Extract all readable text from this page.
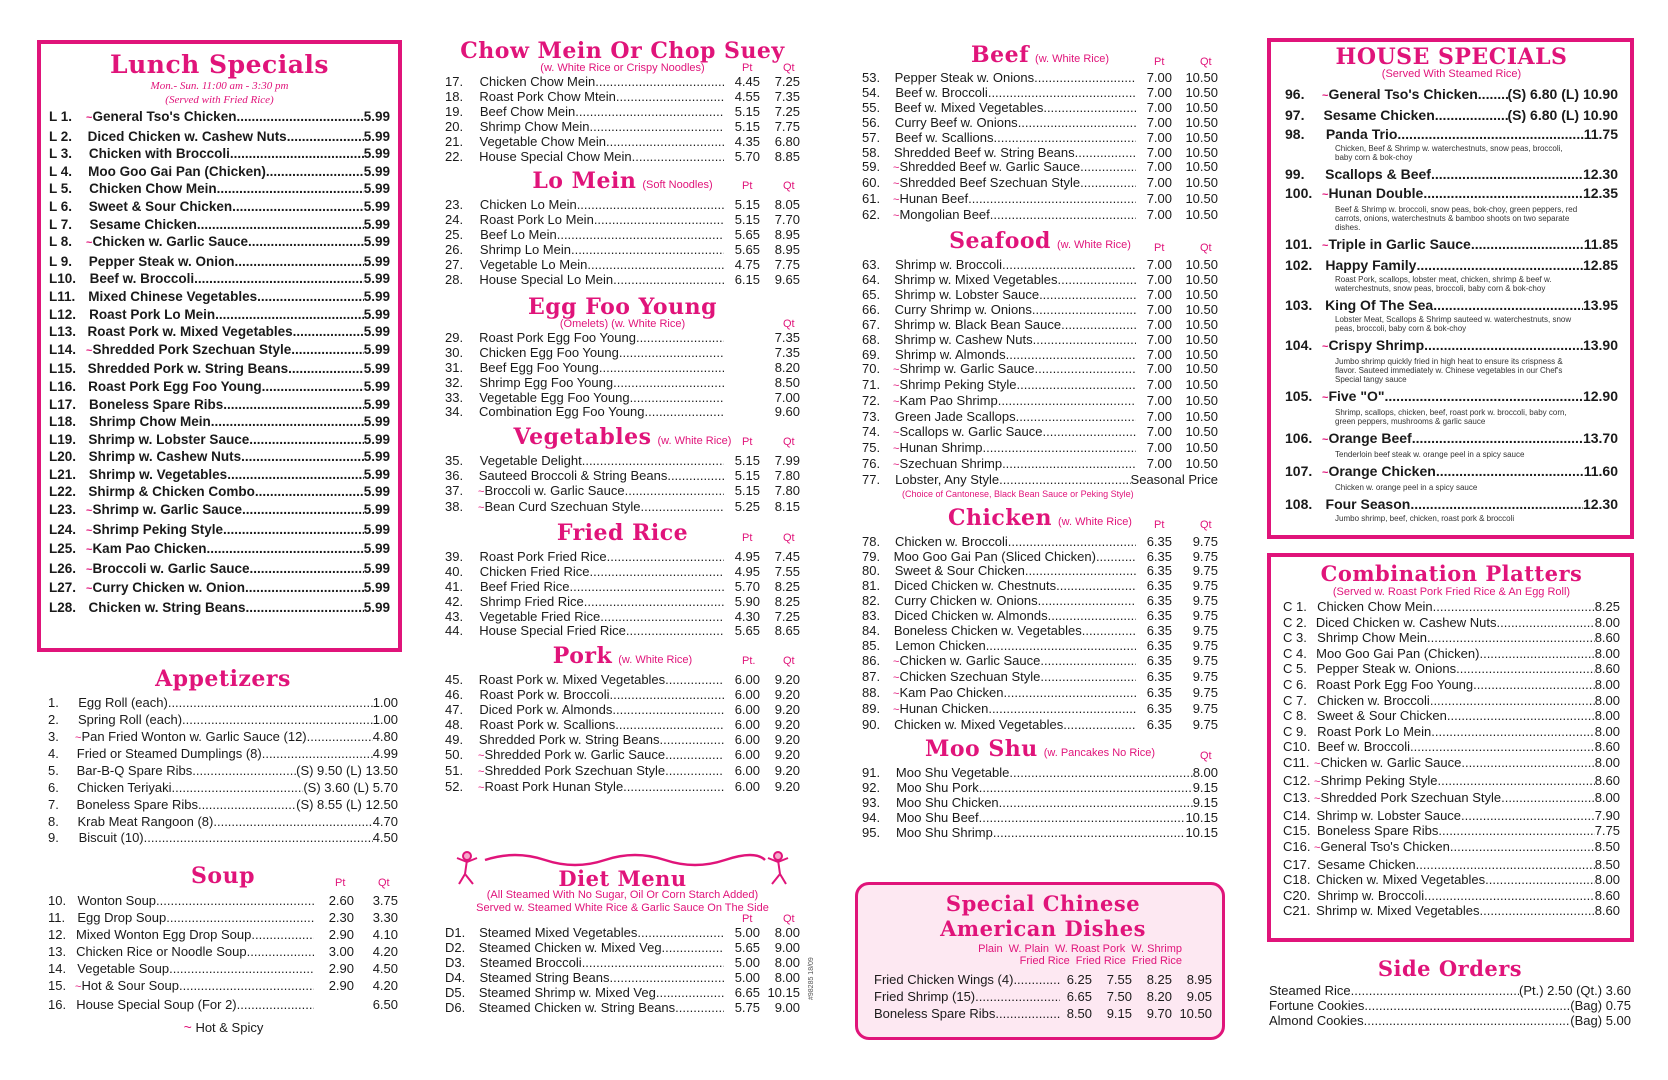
Lunch Specials
Mon.- Sun. 11:00 am - 3:30 pm
(Served with Fried Rice)
L 1.	~ General Tso's Chicken .....	5.99
L 2.	Diced Chicken w. Cashew Nuts .....	5.99
L 3.	Chicken with Broccoli .....	5.99
L 4.	Moo Goo Gai Pan (Chicken) .....	5.99
L 5.	Chicken Chow Mein .....	5.99
L 6.	Sweet & Sour Chicken .....	5.99
L 7.	Sesame Chicken .....	5.99
L 8.	~ Chicken w. Garlic Sauce .....	5.99
L 9.	Pepper Steak w. Onion .....	5.99
L10.	Beef w. Broccoli .....	5.99
L11. Mixed Chinese Vegetables .....	5.99
L12. Roast Pork Lo Mein .....	5.99
L13. Roast Pork w. Mixed Vegetables .....	5.99
L14. ~ Shredded Pork Szechuan Style .....	5.99
L15. Shredded Pork w. String Beans .....	5.99
L16. Roast Pork Egg Foo Young .....	5.99
L17. Boneless Spare Ribs .....	5.99
L18. Shrimp Chow Mein .....	5.99
L19. Shrimp w. Lobster Sauce .....	5.99
L20. Shrimp w. Cashew Nuts .....	5.99
L21. Shrimp w. Vegetables .....	5.99
L22. Shirmp & Chicken Combo .....	5.99
L23. ~ Shrimp w. Garlic Sauce .....	5.99
L24. ~ Shrimp Peking Style .....	5.99
L25. ~ Kam Pao Chicken .....	5.99
L26. ~ Broccoli w. Garlic Sauce .....	5.99
L27. ~ Curry Chicken w. Onion .....	5.99
L28. Chicken w. String Beans .....	5.99
Appetizers
1.	Egg Roll (each) .....	1.00
2.	Spring Roll (each) .....	1.00
3.	~ Pan Fried Wonton w. Garlic Sauce (12) .....	4.80
4.	Fried or Steamed Dumplings (8) .....	4.99
5.	Bar-B-Q Spare Ribs .....	(S) 9.50 (L) 13.50
6.	Chicken Teriyaki .....	(S) 3.60 (L) 5.70
7.	Boneless Spare Ribs .....	(S) 8.55 (L) 12.50
8.	Krab Meat Rangoon (8) .....	4.70
9.	Biscuit (10) .....	4.50
Soup	Pt	Qt
10. Wonton Soup .....	2.60	3.75
11. Egg Drop Soup .....	2.30	3.30
12. Mixed Wonton Egg Drop Soup .....	2.90	4.10
13. Chicken Rice or Noodle Soup .....	3.00	4.20
14. Vegetable Soup .....	2.90	4.50
15. ~ Hot & Sour Soup .....	2.90	4.20
16. House Special Soup (For 2) .....	6.50
~ Hot & Spicy
Chow Mein Or Chop Suey
(w. White Rice or Crispy Noodles)	Pt	Qt
17.	Chicken Chow Mein .....	4.45	7.25
18.	Roast Pork Chow Mtein .....	4.55	7.35
19.	Beef Chow Mein .....	5.15	7.25
20.	Shrimp Chow Mein .....	5.15	7.75
21.	Vegetable Chow Mein .....	4.35	6.80
22.	House Special Chow Mein .....	5.70	8.85
Lo Mein (Soft Noodles)	Pt	Qt
23.	Chicken Lo Mein .....	5.15	8.05
24.	Roast Pork Lo Mein .....	5.15	7.70
25.	Beef Lo Mein .....	5.65	8.95
26.	Shrimp Lo Mein .....	5.65	8.95
27.	Vegetable Lo Mein .....	4.75	7.75
28.	House Special Lo Mein .....	6.15	9.65
Egg Foo Young
(Omelets) (w. White Rice)	Qt
29.	Roast Pork Egg Foo Young .....	7.35
30.	Chicken Egg Foo Young .....	7.35
31.	Beef Egg Foo Young .....	8.20
32.	Shrimp Egg Foo Young .....	8.50
33.	Vegetable Egg Foo Young .....	7.00
34.	Combination Egg Foo Young .....	9.60
Vegetables (w. White Rice) Pt	Qt
35.	Vegetable Delight .....	5.15	7.99
36.	Sauteed Broccoli & String Beans .....	5.15	7.80
37.	~ Broccoli w. Garlic Sauce .....	5.15	7.80
38.	~ Bean Curd Szechuan Style .....	5.25	8.15
Fried Rice	Pt	Qt
39.	Roast Pork Fried Rice .....	4.95	7.45
40.	Chicken Fried Rice .....	4.95	7.55
41.	Beef Fried Rice .....	5.70	8.25
42.	Shrimp Fried Rice .....	5.90	8.25
43.	Vegetable Fried Rice .....	4.30	7.25
44.	House Special Fried Rice .....	5.65	8.65
Pork (w. White Rice)	Pt.	Qt
45.	Roast Pork w. Mixed Vegetables .....	6.00	9.20
46.	Roast Pork w. Broccoli .....	6.00	9.20
47.	Diced Pork w. Almonds .....	6.00	9.20
48.	Roast Pork w. Scallions .....	6.00	9.20
49.	Shredded Pork w. String Beans .....	6.00	9.20
50.	~ Shredded Pork w. Garlic Sauce .....	6.00	9.20
51.	~ Shredded Pork Szechuan Style .....	6.00	9.20
52.	~ Roast Pork Hunan Style .....	6.00	9.20
Diet Menu
(All Steamed With No Sugar, Oil Or Corn Starch Added)
Served w. Steamed White Rice & Garlic Sauce On The Side
Pt	Qt
D1.	Steamed Mixed Vegetables .....	5.00	8.00
D2.	Steamed Chicken w. Mixed Veg. .....	5.65	9.00
D3.	Steamed Broccoli .....	5.00	8.00
D4.	Steamed String Beans .....	5.00	8.00
D5.	Steamed Shrimp w. Mixed Veg. .....	6.65 10.15
D6.	Steamed Chicken w. String Beans .....	5.75	9.00
#98285 18/09
Beef (w. White Rice)	Pt	Qt
53.	Pepper Steak w. Onions .....	7.00	10.50
54.	Beef w. Broccoli .....	7.00	10.50
55.	Beef w. Mixed Vegetables .....	7.00	10.50
56.	Curry Beef w. Onions .....	7.00	10.50
57.	Beef w. Scallions .....	7.00	10.50
58.	Shredded Beef w. String Beans .....	7.00	10.50
59.	~ Shredded Beef w. Garlic Sauce .....	7.00	10.50
60.	~ Shredded Beef Szechuan Style .....	7.00	10.50
61.	~ Hunan Beef .....	7.00	10.50
62.	~ Mongolian Beef .....	7.00	10.50
Seafood (w. White Rice) Pt	Qt
63.	Shrimp w. Broccoli .....	7.00	10.50
64.	Shrimp w. Mixed Vegetables .....	7.00	10.50
65.	Shrimp w. Lobster Sauce .....	7.00	10.50
66.	Curry Shrimp w. Onions .....	7.00	10.50
67.	Shrimp w. Black Bean Sauce .....	7.00	10.50
68.	Shrimp w. Cashew Nuts .....	7.00	10.50
69.	Shrimp w. Almonds .....	7.00	10.50
70.	~ Shrimp w. Garlic Sauce .....	7.00	10.50
71.	~ Shrimp Peking Style .....	7.00	10.50
72.	~ Kam Pao Shrimp .....	7.00	10.50
73.	Green Jade Scallops .....	7.00	10.50
74.	~ Scallops w. Garlic Sauce .....	7.00	10.50
75.	~ Hunan Shrimp .....	7.00	10.50
76.	~ Szechuan Shrimp .....	7.00	10.50
77.	Lobster, Any Style .....	Seasonal Price
(Choice of Cantonese, Black Bean Sauce or Peking Style)
Chicken (w. White Rice) Pt	Qt
78.	Chicken w. Broccoli .....	6.35	9.75
79.	Moo Goo Gai Pan (Sliced Chicken) .....	6.35	9.75
80.	Sweet & Sour Chicken .....	6.35	9.75
81.	Diced Chicken w. Chestnuts .....	6.35	9.75
82.	Curry Chicken w. Onions .....	6.35	9.75
83.	Diced Chicken w. Almonds .....	6.35	9.75
84.	Boneless Chicken w. Vegetables .....	6.35	9.75
85.	Lemon Chicken .....	6.35	9.75
86.	~ Chicken w. Garlic Sauce .....	6.35	9.75
87.	~ Chicken Szechuan Style .....	6.35	9.75
88.	~ Kam Pao Chicken .....	6.35	9.75
89.	~ Hunan Chicken .....	6.35	9.75
90.	Chicken w. Mixed Vegetables .....	6.35	9.75
Moo Shu (w. Pancakes No Rice)	Qt
91.	Moo Shu Vegetable .....	8.00
92.	Moo Shu Pork .....	9.15
93.	Moo Shu Chicken .....	9.15
94.	Moo Shu Beef .....	10.15
95.	Moo Shu Shrimp .....	10.15
Special Chinese
American Dishes
Plain W. Plain W. Roast Pork W. Shrimp
Fried Rice Fried Rice Fried Rice
Fried Chicken Wings (4) .....	6.25	7.55	8.25	8.95
Fried Shrimp (15) .....	6.65	7.50	8.20	9.05
Boneless Spare Ribs .....	8.50	9.15	9.70 10.50
HOUSE SPECIALS
(Served With Steamed Rice)
96.	~ General Tso's Chicken ..... (S) 6.80 (L) 10.90
97.	Sesame Chicken .....	(S) 6.80 (L) 10.90
98.	Panda Trio .....	11.75
Chicken, Beef & Shrimp w. waterchestnuts, snow peas, broccoli, baby corn & bok-choy
99.	Scallops & Beef .....	12.30
100. ~ Hunan Double .....	12.35
Beef & Shrimp w. broccoli, snow peas, bok-choy, green peppers, red carrots, onions, waterchestnuts & bamboo shoots on two separate dishes.
101. ~ Triple in Garlic Sauce .....	11.85
102. Happy Family .....	12.85
Roast Pork, scallops, lobster meat, chicken, shrimp & beef w. waterchestnuts, snow peas, broccoli, baby corn & bok-choy
103. King Of The Sea .....	13.95
Lobster Meat, Scallops & Shrimp sauteed w. waterchestnuts, snow peas, broccoli, baby corn & bok-choy
104. ~ Crispy Shrimp .....	13.90
Jumbo shrimp quickly fried in high heat to ensure its crispness & flavor. Sauteed immediately w. Chinese vegetables in our Chef's Special tangy sauce
105. ~ Five "O" .....	12.90
Shrimp, scallops, chicken, beef, roast pork w. broccoli, baby corn, green peppers, mushrooms & garlic sauce
106. ~ Orange Beef .....	13.70
Tenderloin beef steak w. orange peel in a spicy sauce
107. ~ Orange Chicken .....	11.60
Chicken w. orange peel in a spicy sauce
108. Four Season .....	12.30
Jumbo shrimp, beef, chicken, roast pork & broccoli
Combination Platters
(Served w. Roast Pork Fried Rice & An Egg Roll)
C 1. Chicken Chow Mein .....	8.25
C 2. Diced Chicken w. Cashew Nuts .....	8.00
C 3. Shrimp Chow Mein .....	8.60
C 4. Moo Goo Gai Pan (Chicken) .....	8.00
C 5. Pepper Steak w. Onions .....	8.60
C 6. Roast Pork Egg Foo Young .....	8.00
C 7. Chicken w. Broccoli .....	8.00
C 8. Sweet & Sour Chicken .....	8.00
C 9. Roast Pork Lo Mein .....	8.00
C10. Beef w. Broccoli .....	8.60
C11. ~ Chicken w. Garlic Sauce .....	8.00
C12. ~ Shrimp Peking Style .....	8.60
C13. ~ Shredded Pork Szechuan Style .....	8.00
C14. Shrimp w. Lobster Sauce .....	7.90
C15. Boneless Spare Ribs .....	7.75
C16. ~ General Tso's Chicken .....	8.50
C17. Sesame Chicken .....	8.50
C18. Chicken w. Mixed Vegetables .....	8.00
C20. Shrimp w. Broccoli .....	8.60
C21. Shrimp w. Mixed Vegetables .....	8.60
Side Orders
Steamed Rice .....	(Pt.) 2.50 (Qt.) 3.60
Fortune Cookies .....	(Bag) 0.75
Almond Cookies .....	(Bag) 5.00
